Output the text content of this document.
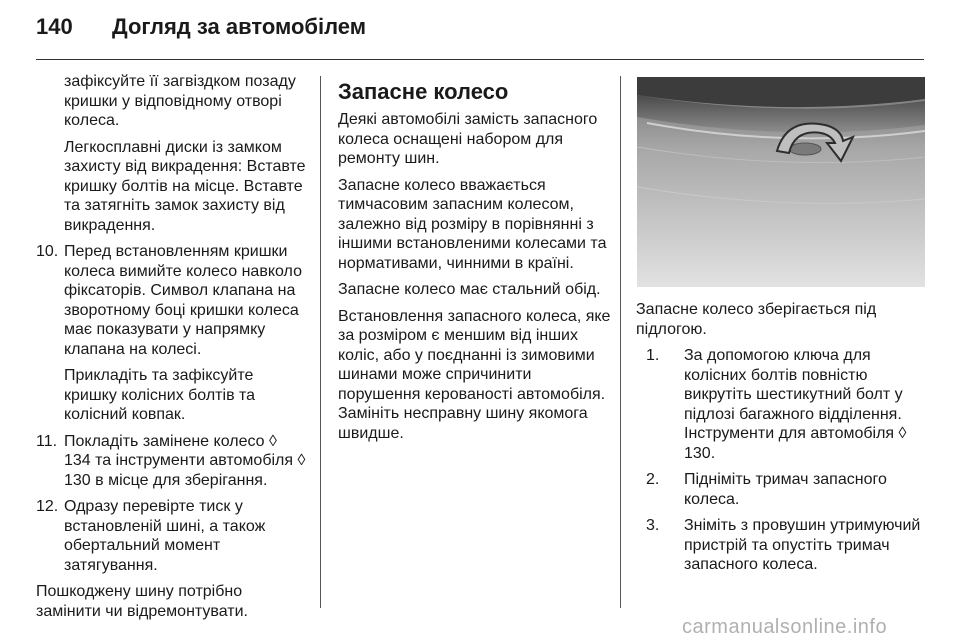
140 Догляд за автомобілем

зафіксуйте її загвіздком позаду кришки у відповідному отворі колеса.

Легкосплавні диски із замком захисту від викрадення: Вставте кришку болтів на місце. Вставте та затягніть замок захисту від викрадення.

10. Перед встановленням кришки колеса вимийте колесо навколо фіксаторів. Символ клапана на зворотному боці кришки колеса має показувати у напрямку клапана на колесі.

Прикладіть та зафіксуйте кришку колісних болтів та колісний ковпак.

11. Покладіть замінене колесо ◊ 134 та інструменти автомобіля ◊ 130 в місце для зберігання.

12. Одразу перевірте тиск у встановленій шині, а також обертальний момент затягування.

Пошкоджену шину потрібно замінити чи відремонтувати.

Запасне колесо

Деякі автомобілі замість запасного колеса оснащені набором для ремонту шин.

Запасне колесо вважається тимчасовим запасним колесом, залежно від розміру в порівнянні з іншими встановленими колесами та нормативами, чинними в країні.

Запасне колесо має стальний обід.

Встановлення запасного колеса, яке за розміром є меншим від інших коліс, або у поєднанні із зимовими шинами може спричинити порушення керованості автомобіля. Замініть несправну шину якомога швидше.

Запасне колесо зберігається під підлогою.

1.	За допомогою ключа для колісних болтів повністю викрутіть шестикутний болт у підлозі багажного відділення. Інструменти для автомобіля ◊ 130.
2.	Підніміть тримач запасного колеса.
3.	Зніміть з провушин утримуючий пристрій та опустіть тримач запасного колеса.
carmanualsonline.info
